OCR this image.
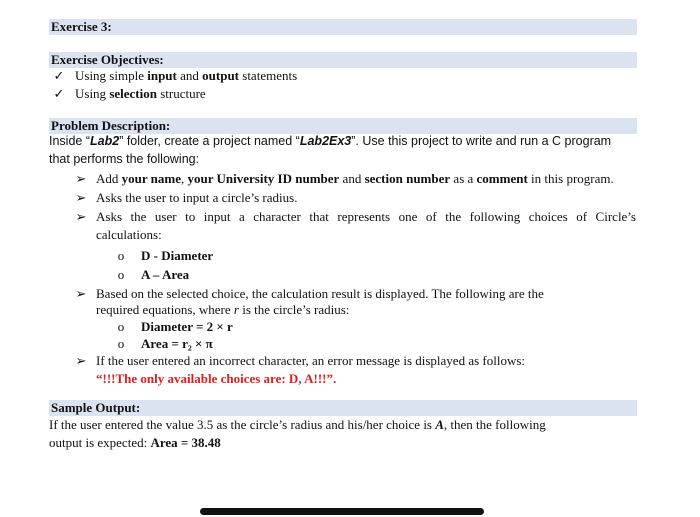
Exercise 3:
Exercise Objectives:
✓ Using simple input and output statements
✓ Using selection structure
Problem Description:
Inside “Lab2” folder, create a project named “Lab2Ex3”. Use this project to write and run a C program
that performs the following:
➢ Add your name, your University ID number and section number as a comment in this program.
➢ Asks the user to input a circle’s radius.
➢ Asks the user to input a character that represents one of the following choices of Circle’s
calculations:
o	D - Diameter
o	A – Area
➢ Based on the selected choice, the calculation result is displayed. The following are the
required equations, where r is the circle’s radius:
o	Diameter = 2 × r
o	Area = r₂ × π
➢ If the user entered an incorrect character, an error message is displayed as follows:
“!!!The only available choices are: D, A!!!”.
Sample Output:
If the user entered the value 3.5 as the circle’s radius and his/her choice is A, then the following
output is expected: Area = 38.48
